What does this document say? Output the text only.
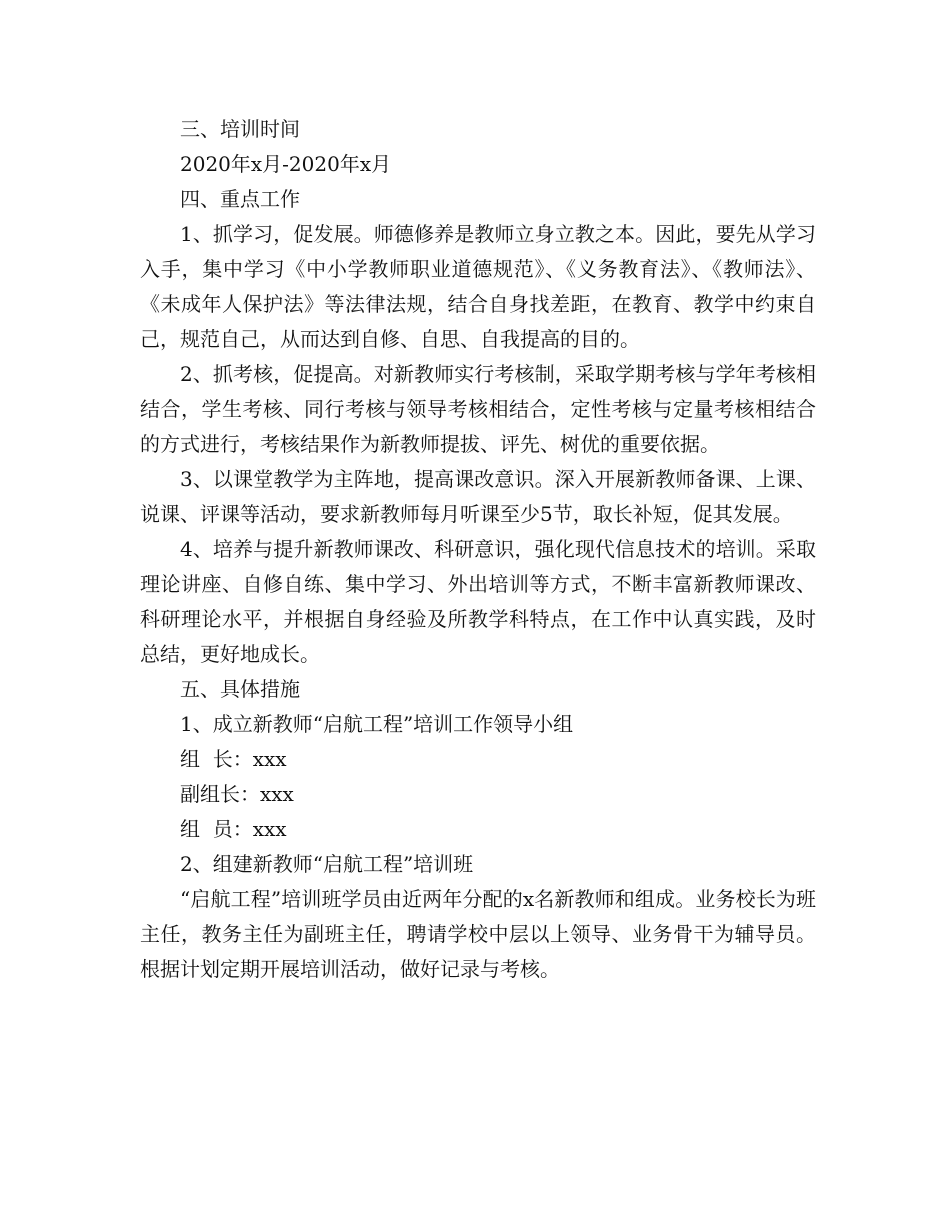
三、培训时间

2020年x月-2020年x月

四、重点工作

1、抓学习，促发展。师德修养是教师立身立教之本。因此，要先从学习入手，集中学习《中小学教师职业道德规范》、《义务教育法》、《教师法》、《未成年人保护法》等法律法规，结合自身找差距，在教育、教学中约束自己，规范自己，从而达到自修、自思、自我提高的目的。

2、抓考核，促提高。对新教师实行考核制，采取学期考核与学年考核相结合，学生考核、同行考核与领导考核相结合，定性考核与定量考核相结合的方式进行，考核结果作为新教师提拔、评先、树优的重要依据。

3、以课堂教学为主阵地，提高课改意识。深入开展新教师备课、上课、说课、评课等活动，要求新教师每月听课至少5节，取长补短，促其发展。

4、培养与提升新教师课改、科研意识，强化现代信息技术的培训。采取理论讲座、自修自练、集中学习、外出培训等方式，不断丰富新教师课改、科研理论水平，并根据自身经验及所教学科特点，在工作中认真实践，及时总结，更好地成长。

五、具体措施

1、成立新教师“启航工程”培训工作领导小组

组  长：xxx

副组长：xxx

组  员：xxx

2、组建新教师“启航工程”培训班

“启航工程”培训班学员由近两年分配的x名新教师和组成。业务校长为班主任，教务主任为副班主任，聘请学校中层以上领导、业务骨干为辅导员。根据计划定期开展培训活动，做好记录与考核。
